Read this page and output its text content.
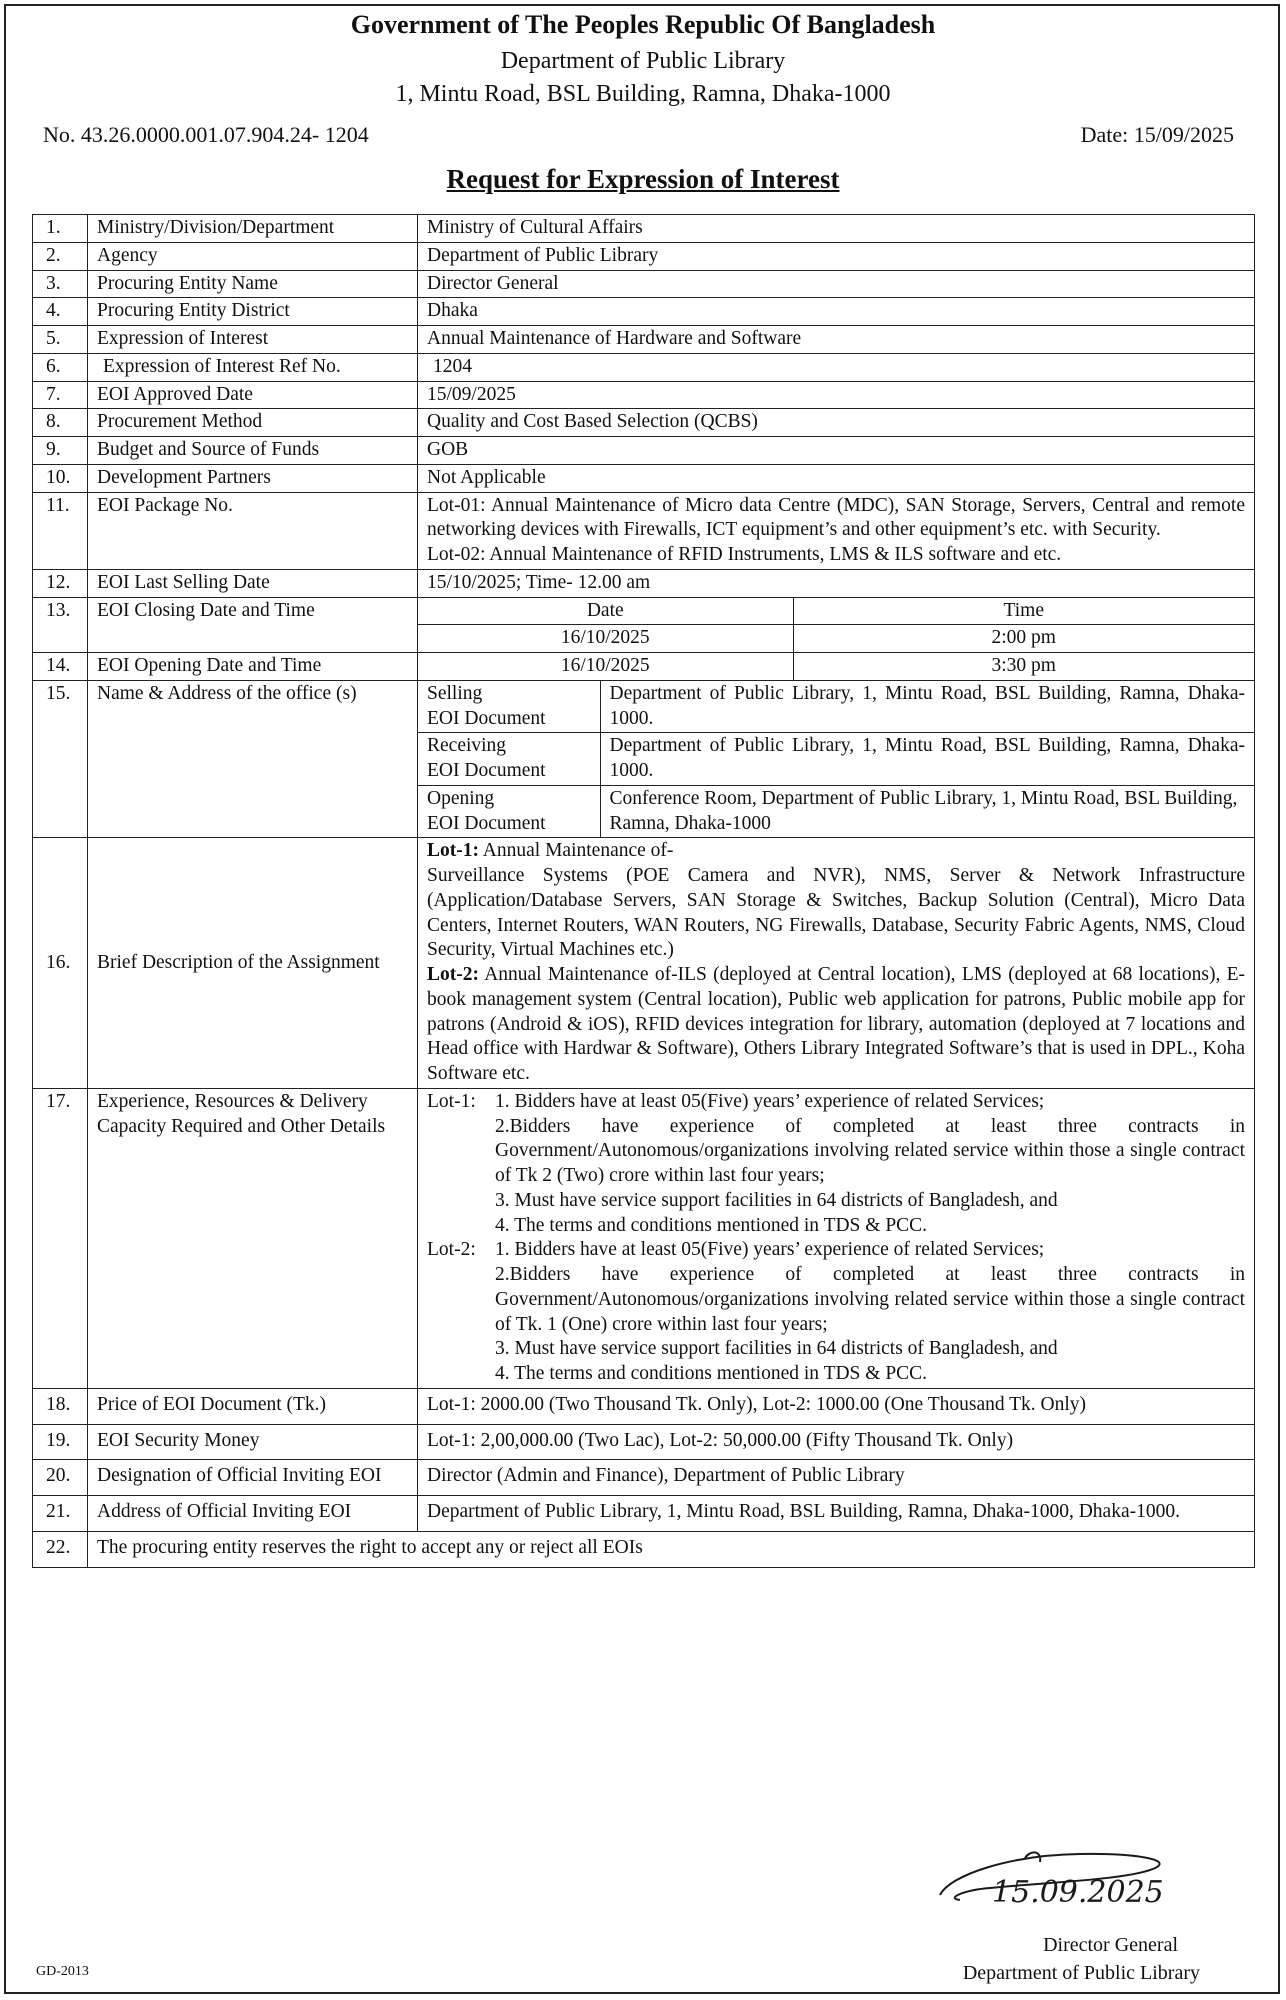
Government of The Peoples Republic Of Bangladesh
Department of Public Library
1, Mintu Road, BSL Building, Ramna, Dhaka-1000
No. 43.26.0000.001.07.904.24- 1204	Date: 15/09/2025
Request for Expression of Interest
1.	Ministry/Division/Department	Ministry of Cultural Affairs
2.	Agency	Department of Public Library
3.	Procuring Entity Name	Director General
4.	Procuring Entity District	Dhaka
5.	Expression of Interest	Annual Maintenance of Hardware and Software
6.	Expression of Interest Ref No.	1204
7.	EOI Approved Date	15/09/2025
8.	Procurement Method	Quality and Cost Based Selection (QCBS)
9.	Budget and Source of Funds	GOB
10.	Development Partners	Not Applicable
11.	EOI Package No.	Lot-01: Annual Maintenance of Micro data Centre (MDC), SAN Storage, Servers, Central and remote networking devices with Firewalls, ICT equipment’s and other equipment’s etc. with Security.
Lot-02: Annual Maintenance of RFID Instruments, LMS & ILS software and etc.

12.	EOI Last Selling Date	15/10/2025; Time- 12.00 am
13.	EOI Closing Date and Time		Date	Time
16/10/2025	2:00 pm

14.	EOI Opening Date and Time		16/10/2025	3:30 pm

15.	Name & Address of the office (s)		Selling
EOI Document
	Department of Public Library, 1, Mintu Road, BSL Building, Ramna, Dhaka-1000.

Receiving
EOI Document
	Department of Public Library, 1, Mintu Road, BSL Building, Ramna, Dhaka-1000.

Opening
EOI Document
	Conference Room, Department of Public Library, 1, Mintu Road, BSL Building, Ramna, Dhaka-1000

16.	Brief Description of the Assignment	
Lot-1: Annual Maintenance of-
Surveillance Systems (POE Camera and NVR), NMS, Server & Network Infrastructure (Application/Database Servers, SAN Storage & Switches, Backup Solution (Central), Micro Data Centers, Internet Routers, WAN Routers, NG Firewalls, Database, Security Fabric Agents, NMS, Cloud Security, Virtual Machines etc.)
Lot-2: Annual Maintenance of-ILS (deployed at Central location), LMS (deployed at 68 locations), E-book management system (Central location), Public web application for patrons, Public mobile app for patrons (Android & iOS), RFID devices integration for library, automation (deployed at 7 locations and Head office with Hardwar & Software), Others Library Integrated Software’s that is used in DPL., Koha Software etc.

17.	Experience, Resources & Delivery Capacity Required and Other Details	
Lot-1: 1. Bidders have at least 05(Five) years’ experience of related Services;
2.Bidders have experience of completed at least three contracts in Government/Autonomous/organizations involving related service within those a single contract of Tk 2 (Two) crore within last four years;
3. Must have service support facilities in 64 districts of Bangladesh, and
4. The terms and conditions mentioned in TDS & PCC.
Lot-2: 1. Bidders have at least 05(Five) years’ experience of related Services;
2.Bidders have experience of completed at least three contracts in Government/Autonomous/organizations involving related service within those a single contract of Tk. 1 (One) crore within last four years;
3. Must have service support facilities in 64 districts of Bangladesh, and
4. The terms and conditions mentioned in TDS & PCC.

18.	Price of EOI Document (Tk.)	Lot-1: 2000.00 (Two Thousand Tk. Only), Lot-2: 1000.00 (One Thousand Tk. Only)
19.	EOI Security Money	Lot-1: 2,00,000.00 (Two Lac), Lot-2: 50,000.00 (Fifty Thousand Tk. Only)
20.	Designation of Official Inviting EOI	Director (Admin and Finance), Department of Public Library
21.	Address of Official Inviting EOI	Department of Public Library, 1, Mintu Road, BSL Building, Ramna, Dhaka-1000, Dhaka-1000.
22.	The procuring entity reserves the right to accept any or reject all EOIs
15.09.2025
Director General
Department of Public Library
GD-2013
